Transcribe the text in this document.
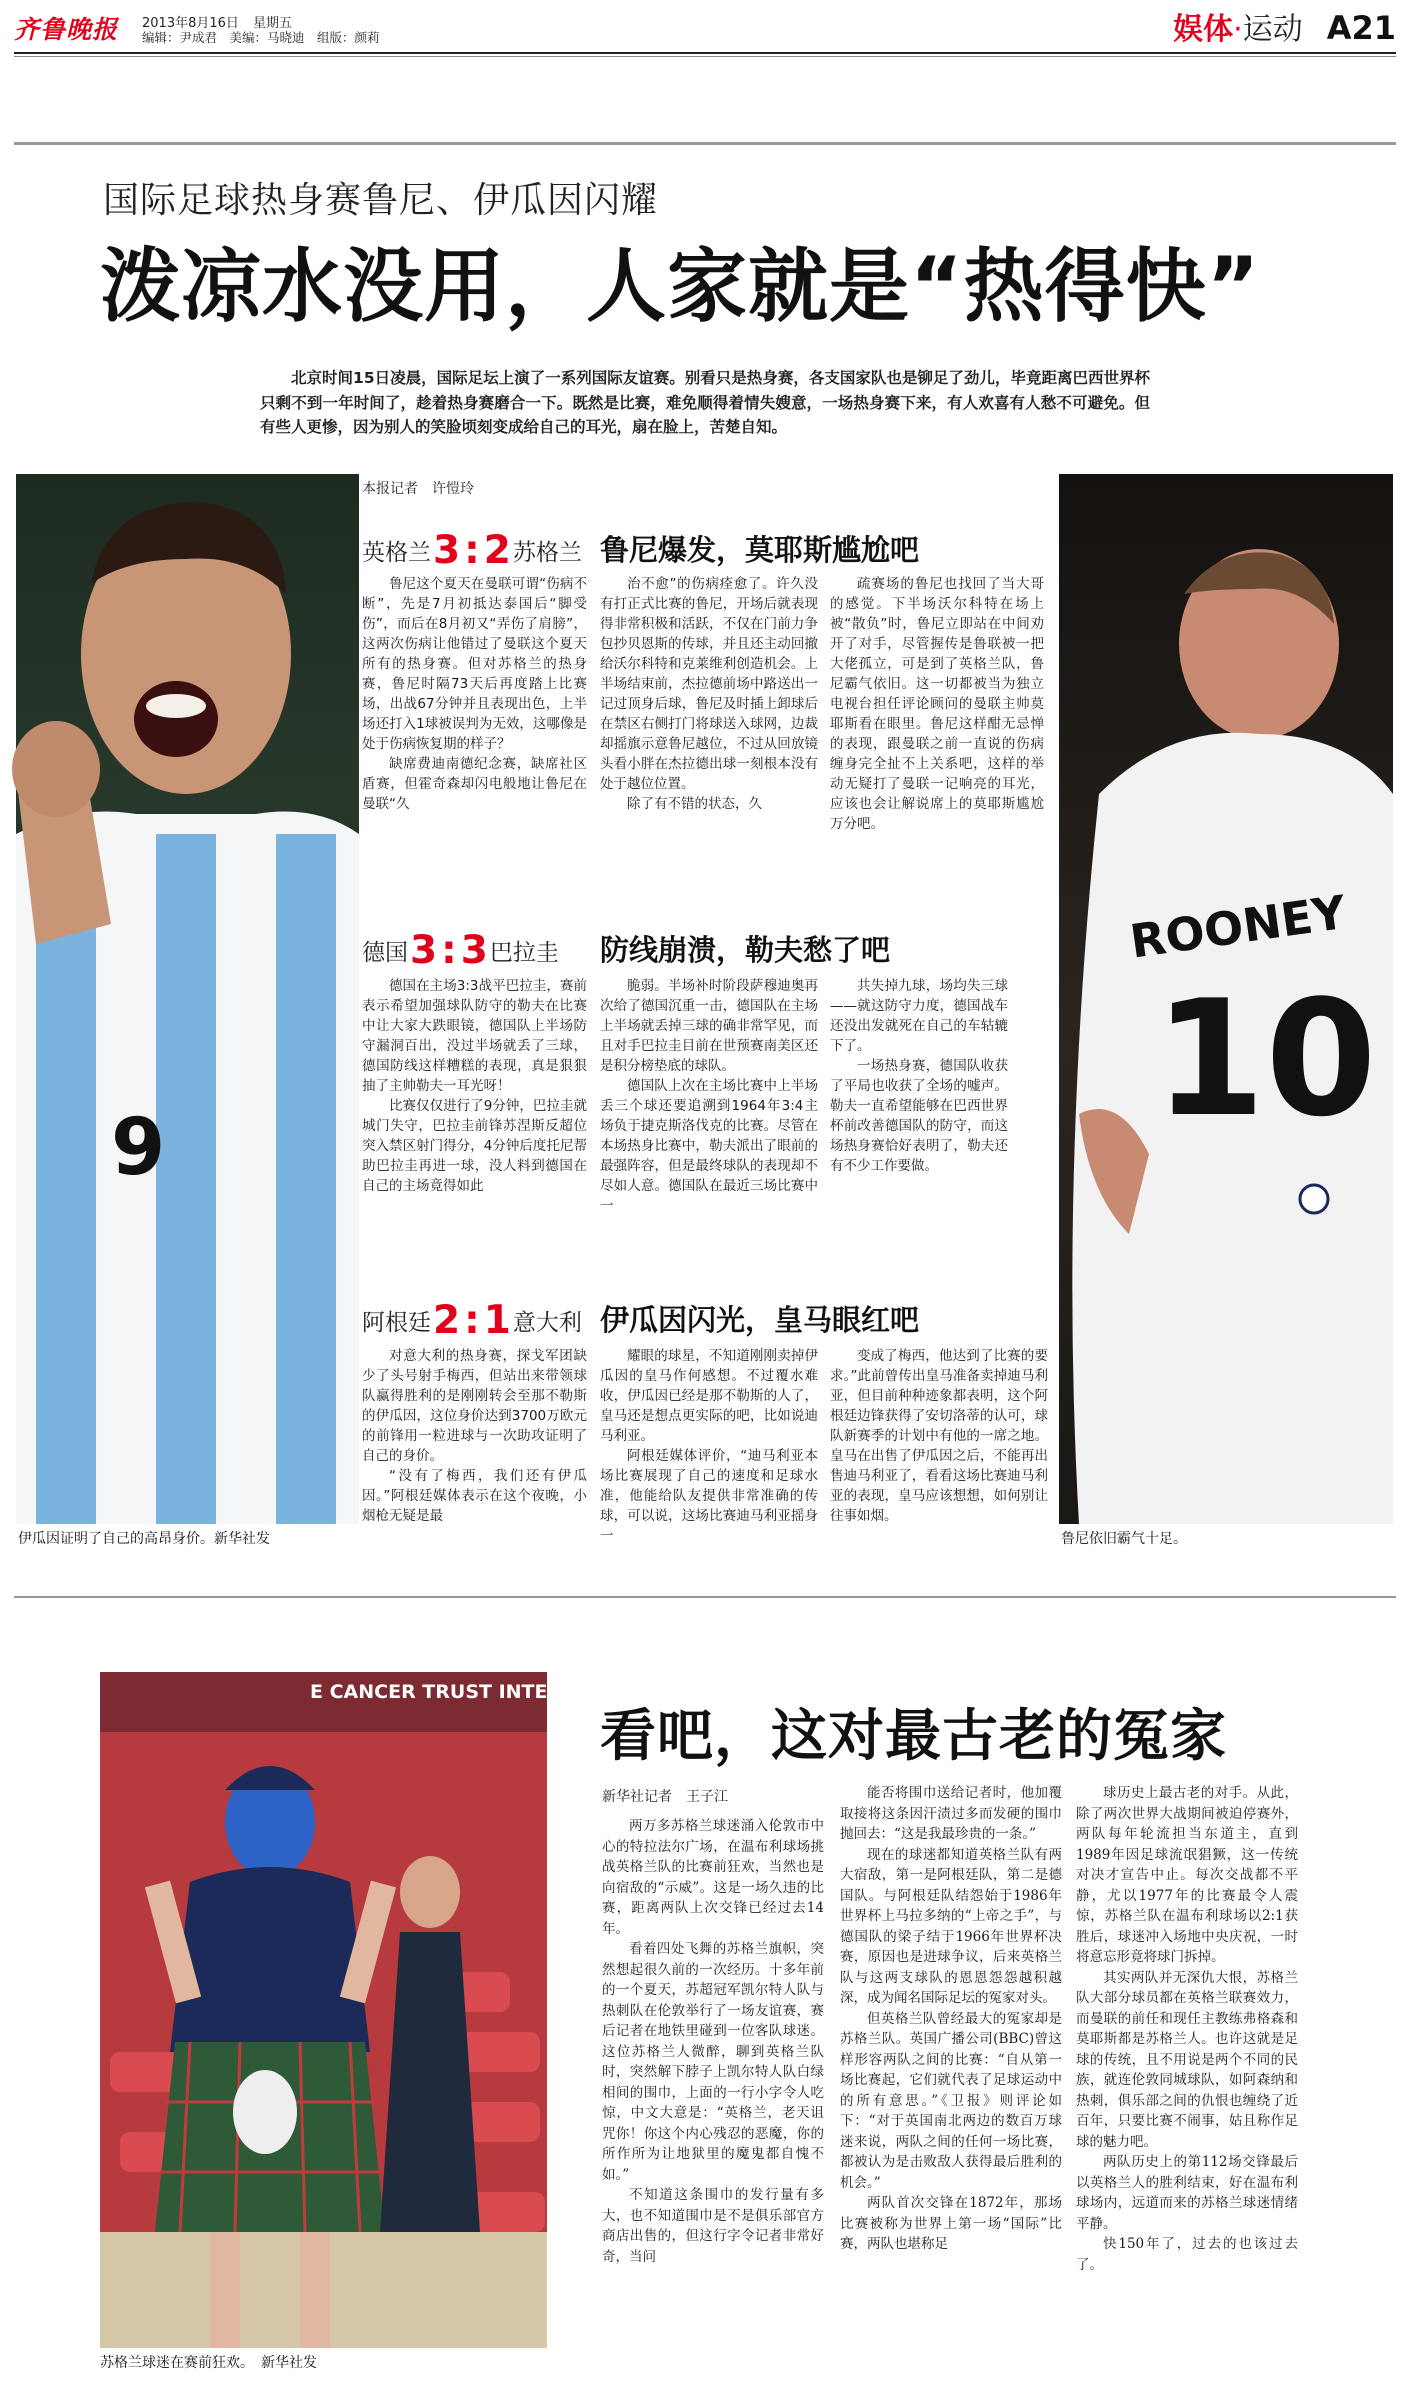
齐鲁晚报 2013年8月16日 星期五
编辑：尹成君　美编：马晓迪　组版：颜莉	娱体·运动 A21
国际足球热身赛鲁尼、伊瓜因闪耀
泼凉水没用，人家就是“热得快”
北京时间15日凌晨，国际足坛上演了一系列国际友谊赛。别看只是热身赛，各支国家队也是铆足了劲儿，毕竟距离巴西世界杯只剩不到一年时间了，趁着热身赛磨合一下。既然是比赛，难免顺得着情失嫂意，一场热身赛下来，有人欢喜有人愁不可避免。但有些人更惨，因为别人的笑脸顷刻变成给自己的耳光，扇在脸上，苦楚自知。
9
伊瓜因证明了自己的高昂身价。新华社发
ROONEY
10
鲁尼依旧霸气十足。
本报记者　许愷玲
英格兰3 : 2苏格兰 鲁尼爆发，莫耶斯尴尬吧

鲁尼这个夏天在曼联可谓“伤病不断”，先是7月初抵达泰国后“脚受伤”，而后在8月初又“弄伤了肩膀”，这两次伤病让他错过了曼联这个夏天所有的热身赛。但对苏格兰的热身赛，鲁尼时隔73天后再度踏上比赛场，出战67分钟并且表现出色，上半场还打入1球被误判为无效，这哪像是处于伤病恢复期的样子？

缺席费迪南德纪念赛，缺席社区盾赛，但霍奇森却闪电般地让鲁尼在曼联“久

治不愈”的伤病痊愈了。许久没有打正式比赛的鲁尼，开场后就表现得非常积极和活跃，不仅在门前力争包抄贝恩斯的传球，并且还主动回撤给沃尔科特和克莱维利创造机会。上半场结束前，杰拉德前场中路送出一记过顶身后球，鲁尼及时插上卸球后在禁区右侧打门将球送入球网，边裁却摇旗示意鲁尼越位，不过从回放镜头看小胖在杰拉德出球一刻根本没有处于越位位置。

除了有不错的状态，久

疏赛场的鲁尼也找回了当大哥的感觉。下半场沃尔科特在场上被“散负”时，鲁尼立即站在中间劝开了对手，尽管握传是鲁联被一把大佬孤立，可是到了英格兰队，鲁尼霸气依旧。这一切都被当为独立电视台担任评论顾问的曼联主帅莫耶斯看在眼里。鲁尼这样酣无忌惮的表现，跟曼联之前一直说的伤病缠身完全扯不上关系吧，这样的举动无疑打了曼联一记响亮的耳光，应该也会让解说席上的莫耶斯尴尬万分吧。

德国3 : 3巴拉圭 防线崩溃，勒夫愁了吧

德国在主场3:3战平巴拉圭，赛前表示希望加强球队防守的勒夫在比赛中让大家大跌眼镜，德国队上半场防守漏洞百出，没过半场就丢了三球，德国防线这样糟糕的表现，真是狠狠抽了主帅勒夫一耳光呀！

比赛仅仅进行了9分钟，巴拉圭就城门失守，巴拉圭前锋苏涅斯反超位突入禁区射门得分，4分钟后度托尼帮助巴拉圭再进一球，没人料到德国在自己的主场竟得如此

脆弱。半场补时阶段萨穆迪奥再次给了德国沉重一击，德国队在主场上半场就丢掉三球的确非常罕见，而且对手巴拉圭目前在世预赛南美区还是积分榜垫底的球队。

德国队上次在主场比赛中上半场丢三个球还要追溯到1964年3:4主场负于捷克斯洛伐克的比赛。尽管在本场热身比赛中，勒夫派出了眼前的最强阵容，但是最终球队的表现却不尽如人意。德国队在最近三场比赛中一

共失掉九球，场均失三球——就这防守力度，德国战车还没出发就死在自己的车轱辘下了。

一场热身赛，德国队收获了平局也收获了全场的嘘声。勒夫一直希望能够在巴西世界杯前改善德国队的防守，而这场热身赛恰好表明了，勒夫还有不少工作要做。

阿根廷2 : 1意大利 伊瓜因闪光，皇马眼红吧

对意大利的热身赛，探戈军团缺少了头号射手梅西，但站出来带领球队赢得胜利的是刚刚转会至那不勒斯的伊瓜因，这位身价达到3700万欧元的前锋用一粒进球与一次助攻证明了自己的身价。

“没有了梅西，我们还有伊瓜因。”阿根廷媒体表示在这个夜晚，小烟枪无疑是最

耀眼的球星，不知道刚刚卖掉伊瓜因的皇马作何感想。不过覆水难收，伊瓜因已经是那不勒斯的人了，皇马还是想点更实际的吧，比如说迪马利亚。

阿根廷媒体评价，“迪马利亚本场比赛展现了自己的速度和足球水准，他能给队友提供非常准确的传球，可以说，这场比赛迪马利亚摇身一

变成了梅西，他达到了比赛的要求。”此前曾传出皇马准备卖掉迪马利亚，但目前种种迹象都表明，这个阿根廷边锋获得了安切洛蒂的认可，球队新赛季的计划中有他的一席之地。皇马在出售了伊瓜因之后，不能再出售迪马利亚了，看看这场比赛迪马利亚的表现，皇马应该想想，如何别让往事如烟。

E CANCER TRUST INTERNATIO
苏格兰球迷在赛前狂欢。　新华社发
看吧，这对最古老的冤家
新华社记者　王子江

两万多苏格兰球迷涌入伦敦市中心的特拉法尔广场，在温布利球场挑战英格兰队的比赛前狂欢，当然也是向宿敌的“示威”。这是一场久违的比赛，距离两队上次交锋已经过去14年。

看着四处飞舞的苏格兰旗帜，突然想起很久前的一次经历。十多年前的一个夏天，苏超冠军凯尔特人队与热刺队在伦敦举行了一场友谊赛，赛后记者在地铁里碰到一位客队球迷。这位苏格兰人微醉，聊到英格兰队时，突然解下脖子上凯尔特人队白绿相间的围巾，上面的一行小字令人吃惊，中文大意是：“英格兰，老天诅咒你！你这个内心残忍的恶魔，你的所作所为让地狱里的魔鬼都自愧不如。”

不知道这条围巾的发行量有多大，也不知道围巾是不是俱乐部官方商店出售的，但这行字令记者非常好奇，当问

能否将围巾送给记者时，他加覆取接将这条因汗渍过多而发硬的围巾抛回去：“这是我最珍贵的一条。”

现在的球迷都知道英格兰队有两大宿敌，第一是阿根廷队，第二是德国队。与阿根廷队结怨始于1986年世界杯上马拉多纳的“上帝之手”，与德国队的梁子结于1966年世界杯决赛，原因也是进球争议，后来英格兰队与这两支球队的恩恩怨怨越积越深，成为闻名国际足坛的冤家对头。

但英格兰队曾经最大的冤家却是苏格兰队。英国广播公司(BBC)曾这样形容两队之间的比赛：“自从第一场比赛起，它们就代表了足球运动中的所有意思。”《卫报》则评论如下：“对于英国南北两边的数百万球迷来说，两队之间的任何一场比赛，都被认为是击败敌人获得最后胜利的机会。”

两队首次交锋在1872年，那场比赛被称为世界上第一场“国际”比赛，两队也堪称足

球历史上最古老的对手。从此，除了两次世界大战期间被迫停赛外，两队每年轮流担当东道主，直到1989年因足球流氓猖獗，这一传统对决才宣告中止。每次交战都不平静，尤以1977年的比赛最令人震惊，苏格兰队在温布利球场以2:1获胜后，球迷冲入场地中央庆祝，一时将意忘形竟将球门拆掉。

其实两队并无深仇大恨，苏格兰队大部分球员都在英格兰联赛效力，而曼联的前任和现任主教练弗格森和莫耶斯都是苏格兰人。也许这就是足球的传统，且不用说是两个不同的民族，就连伦敦同城球队，如阿森纳和热刺，俱乐部之间的仇恨也缠绕了近百年，只要比赛不闹事，姑且称作足球的魅力吧。

两队历史上的第112场交锋最后以英格兰人的胜利结束，好在温布利球场内，远道而来的苏格兰球迷情绪平静。

快150年了，过去的也该过去了。
